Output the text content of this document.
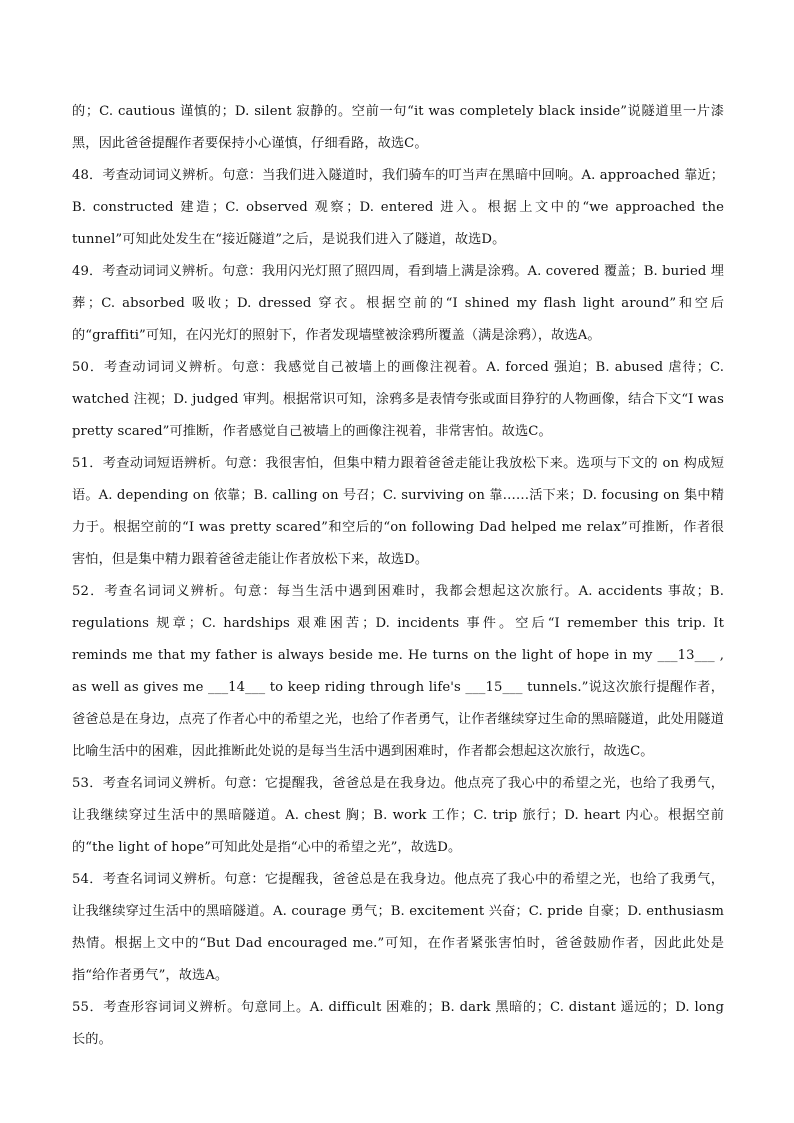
的；C. cautious 谨慎的；D. silent 寂静的。空前一句“it was completely black inside”说隧道里一片漆黑，因此爸爸提醒作者要保持小心谨慎，仔细看路，故选C。

48．考查动词词义辨析。句意：当我们进入隧道时，我们骑车的叮当声在黑暗中回响。A. approached 靠近；B. constructed 建造；C. observed 观察；D. entered 进入。根据上文中的“we approached the tunnel”可知此处发生在“接近隧道”之后，是说我们进入了隧道，故选D。

49．考查动词词义辨析。句意：我用闪光灯照了照四周，看到墙上满是涂鸦。A. covered 覆盖；B. buried 埋葬；C. absorbed 吸收；D. dressed 穿衣。根据空前的“I shined my flash light around”和空后的“graffiti”可知，在闪光灯的照射下，作者发现墙壁被涂鸦所覆盖（满是涂鸦），故选A。

50．考查动词词义辨析。句意：我感觉自己被墙上的画像注视着。A. forced 强迫；B. abused 虐待；C. watched 注视；D. judged 审判。根据常识可知，涂鸦多是表情夸张或面目狰狞的人物画像，结合下文“I was pretty scared”可推断，作者感觉自己被墙上的画像注视着，非常害怕。故选C。

51．考查动词短语辨析。句意：我很害怕，但集中精力跟着爸爸走能让我放松下来。选项与下文的 on 构成短语。A. depending on 依靠；B. calling on 号召；C. surviving on 靠……活下来；D. focusing on 集中精力于。根据空前的“I was pretty scared”和空后的“on following Dad helped me relax”可推断，作者很害怕，但是集中精力跟着爸爸走能让作者放松下来，故选D。

52．考查名词词义辨析。句意：每当生活中遇到困难时，我都会想起这次旅行。A. accidents 事故；B. regulations 规章；C. hardships 艰难困苦；D. incidents 事件。空后“I remember this trip. It reminds me that my father is always beside me. He turns on the light of hope in my ___13___ , as well as gives me ___14___ to keep riding through life's ___15___ tunnels.”说这次旅行提醒作者，爸爸总是在身边，点亮了作者心中的希望之光，也给了作者勇气，让作者继续穿过生命的黑暗隧道，此处用隧道比喻生活中的困难，因此推断此处说的是每当生活中遇到困难时，作者都会想起这次旅行，故选C。

53．考查名词词义辨析。句意：它提醒我，爸爸总是在我身边。他点亮了我心中的希望之光，也给了我勇气，让我继续穿过生活中的黑暗隧道。A. chest 胸；B. work 工作；C. trip 旅行；D. heart 内心。根据空前的“the light of hope”可知此处是指“心中的希望之光”，故选D。

54．考查名词词义辨析。句意：它提醒我，爸爸总是在我身边。他点亮了我心中的希望之光，也给了我勇气，让我继续穿过生活中的黑暗隧道。A. courage 勇气；B. excitement 兴奋；C. pride 自豪；D. enthusiasm 热情。根据上文中的“But Dad encouraged me.”可知，在作者紧张害怕时，爸爸鼓励作者，因此此处是指“给作者勇气”，故选A。

55．考查形容词词义辨析。句意同上。A. difficult 困难的；B. dark 黑暗的；C. distant 遥远的；D. long 长的。
